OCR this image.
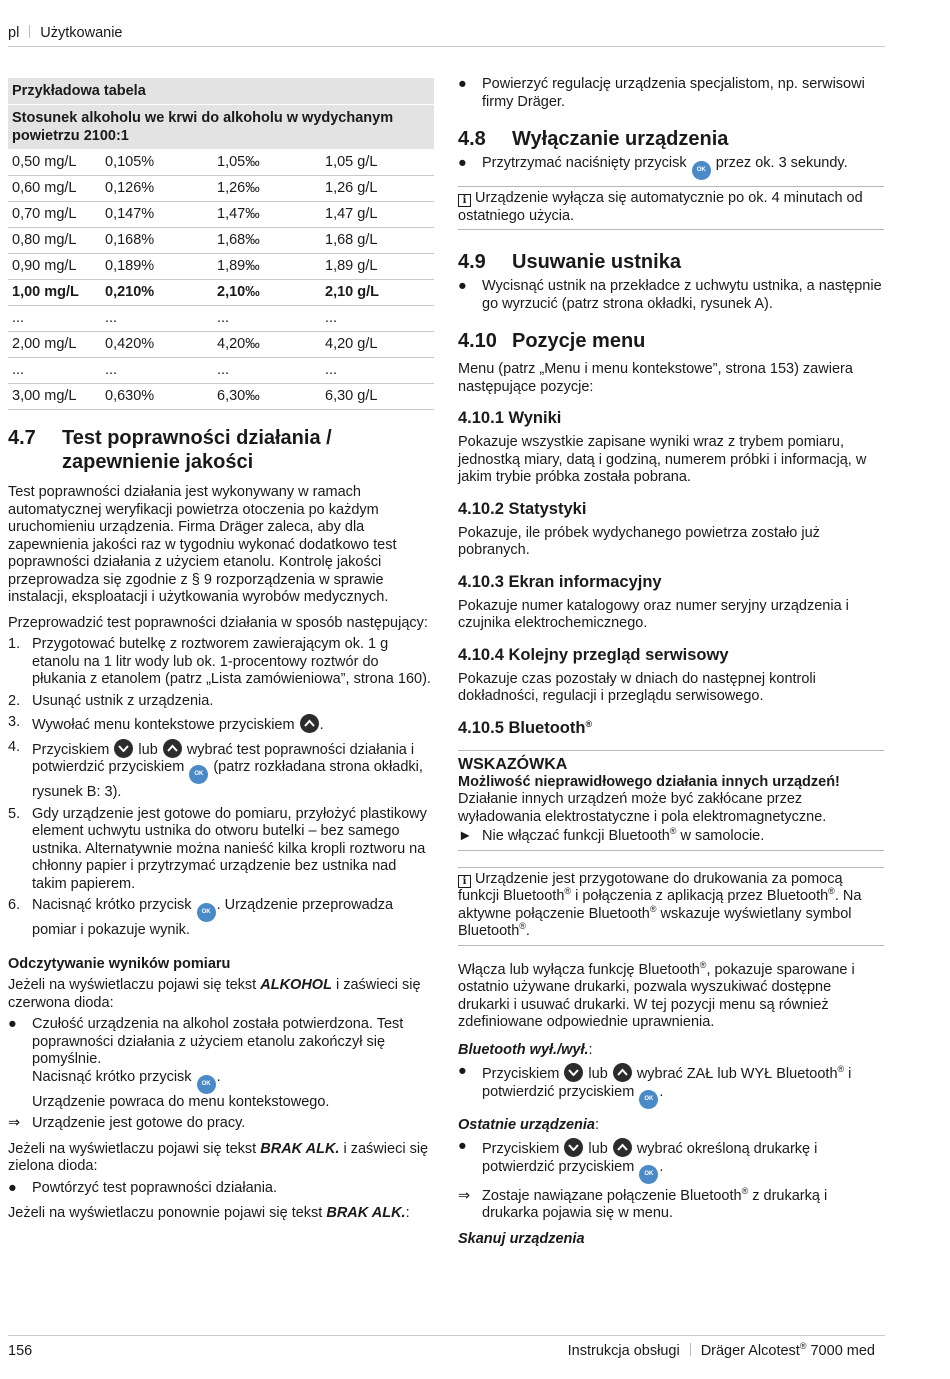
pl Użytkowanie
Przykładowa tabela			
Stosunek alkoholu we krwi do alkoholu w wydychanym powietrzu 2100:1			
0,50 mg/L	0,105%	1,05‰	1,05 g/L
0,60 mg/L	0,126%	1,26‰	1,26 g/L
0,70 mg/L	0,147%	1,47‰	1,47 g/L
0,80 mg/L	0,168%	1,68‰	1,68 g/L
0,90 mg/L	0,189%	1,89‰	1,89 g/L
1,00 mg/L	0,210%	2,10‰	2,10 g/L
...	...	...	...
2,00 mg/L	0,420%	4,20‰	4,20 g/L
...	...	...	...
3,00 mg/L	0,630%	6,30‰	6,30 g/L
4.7	Test poprawności działania / zapewnienie jakości

Test poprawności działania jest wykonywany w ramach automatycznej weryfikacji powietrza otoczenia po każdym uruchomieniu urządzenia. Firma Dräger zaleca, aby dla zapewnienia jakości raz w tygodniu wykonać dodatkowo test poprawności działania z użyciem etanolu. Kontrolę jakości przeprowadza się zgodnie z § 9 rozporządzenia w sprawie instalacji, eksploatacji i użytkowania wyrobów medycznych.

Przeprowadzić test poprawności działania w sposób następujący:

1. Przygotować butelkę z roztworem zawierającym ok. 1 g etanolu na 1 litr wody lub ok. 1-procentowy roztwór do płukania z etanolem (patrz „Lista zamówieniowa”, strona 160).
2. Usunąć ustnik z urządzenia.
3. Wywołać menu kontekstowe przyciskiem
.
4. Przyciskiem
lub
wybrać test poprawności działania i potwierdzić przyciskiem OK (patrz rozkładana strona okładki, rysunek B: 3).
5. Gdy urządzenie jest gotowe do pomiaru, przyłożyć plastikowy element uchwytu ustnika do otworu butelki – bez samego ustnika. Alternatywnie można nanieść kilka kropli roztworu na chłonny papier i przytrzymać urządzenie bez ustnika nad takim papierem.
6. Nacisnąć krótko przycisk OK . Urządzenie przeprowadza pomiar i pokazuje wynik.

Odczytywanie wyników pomiaru

Jeżeli na wyświetlaczu pojawi się tekst ALKOHOL i zaświeci się czerwona dioda:

●	Czułość urządzenia na alkohol została potwierdzona. Test poprawności działania z użyciem etanolu zakończył się pomyślnie.
Nacisnąć krótko przycisk OK .
Urządzenie powraca do menu kontekstowego.
⇒ Urządzenie jest gotowe do pracy.

Jeżeli na wyświetlaczu pojawi się tekst BRAK ALK. i zaświeci się zielona dioda:

●	Powtórzyć test poprawności działania.

Jeżeli na wyświetlaczu ponownie pojawi się tekst BRAK ALK.:

●	Powierzyć regulację urządzenia specjalistom, np. serwisowi firmy Dräger.
4.8	Wyłączanie urządzenia
●	Przytrzymać naciśnięty przycisk OK przez ok. 3 sekundy.
i Urządzenie wyłącza się automatycznie po ok. 4 minutach od ostatniego użycia.
4.9	Usuwanie ustnika
●	Wycisnąć ustnik na przekładce z uchwytu ustnika, a następnie go wyrzucić (patrz strona okładki, rysunek A).
4.10 Pozycje menu

Menu (patrz „Menu i menu kontekstowe”, strona 153) zawiera następujące pozycje:

4.10.1 Wyniki

Pokazuje wszystkie zapisane wyniki wraz z trybem pomiaru, jednostką miary, datą i godziną, numerem próbki i informacją, w jakim trybie próbka została pobrana.

4.10.2 Statystyki

Pokazuje, ile próbek wydychanego powietrza zostało już pobranych.

4.10.3 Ekran informacyjny

Pokazuje numer katalogowy oraz numer seryjny urządzenia i czujnika elektrochemicznego.

4.10.4 Kolejny przegląd serwisowy

Pokazuje czas pozostały w dniach do następnej kontroli dokładności, regulacji i przeglądu serwisowego.

4.10.5 Bluetooth®
WSKAZÓWKA
Możliwość nieprawidłowego działania innych urządzeń!
Działanie innych urządzeń może być zakłócane przez wyładowania elektrostatyczne i pola elektromagnetyczne.
► Nie włączać funkcji Bluetooth® w samolocie.
i Urządzenie jest przygotowane do drukowania za pomocą funkcji Bluetooth® i połączenia z aplikacją przez Bluetooth®. Na aktywne połączenie Bluetooth® wskazuje wyświetlany symbol Bluetooth®.

Włącza lub wyłącza funkcję Bluetooth®, pokazuje sparowane i ostatnio używane drukarki, pozwala wyszukiwać dostępne drukarki i usuwać drukarki. W tej pozycji menu są również zdefiniowane odpowiednie uprawnienia.

Bluetooth wył./wył.:

●	Przyciskiem
lub
wybrać ZAŁ lub WYŁ Bluetooth® i potwierdzić przyciskiem OK .

Ostatnie urządzenia:

●	Przyciskiem
lub
wybrać określoną drukarkę i potwierdzić przyciskiem OK .
⇒ Zostaje nawiązane połączenie Bluetooth® z drukarką i drukarka pojawia się w menu.

Skanuj urządzenia

156	Instrukcja obsługi Dräger Alcotest® 7000 med
